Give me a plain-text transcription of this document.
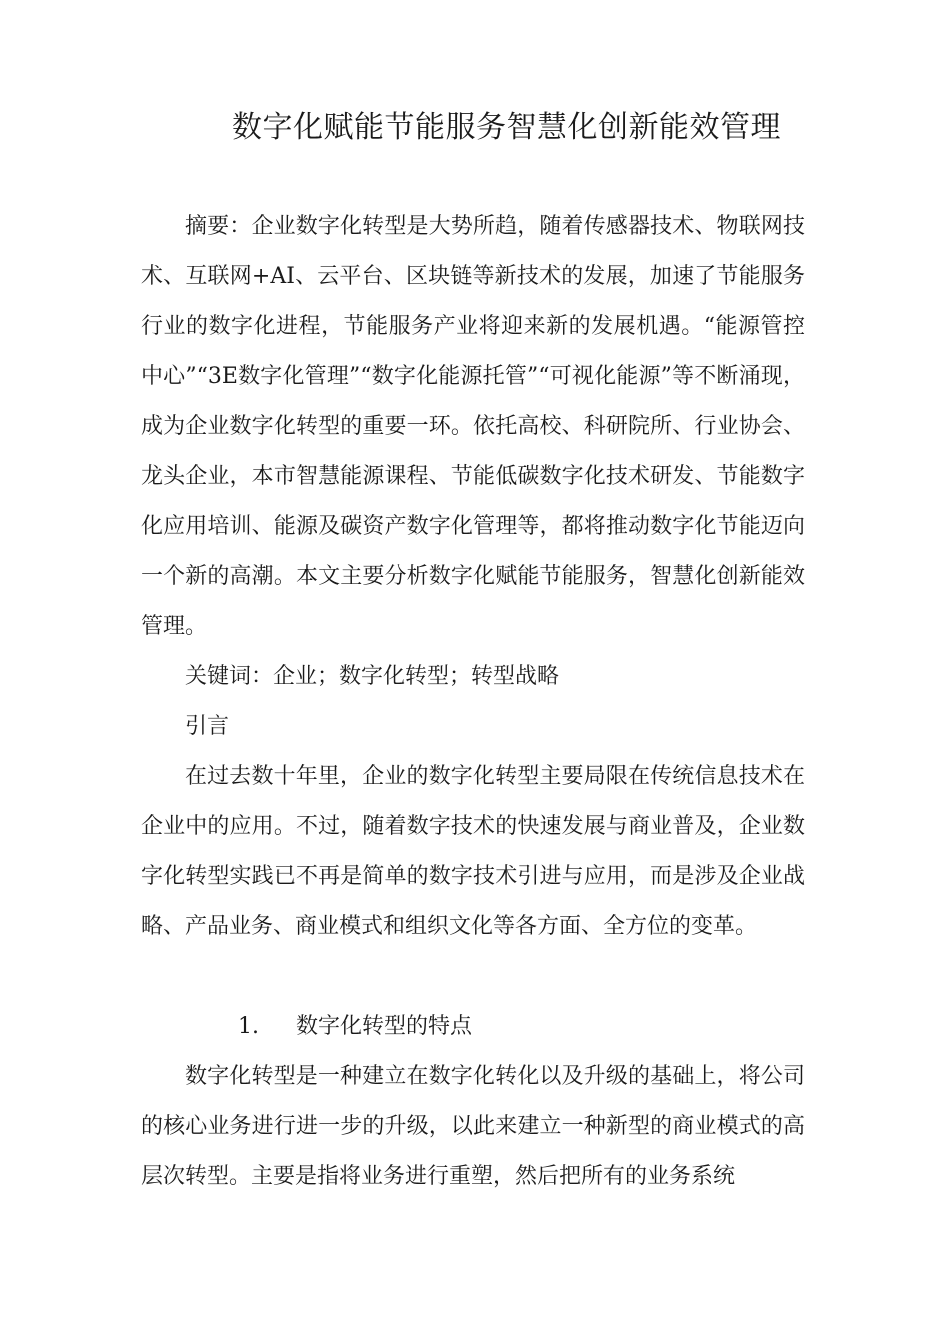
数字化赋能节能服务智慧化创新能效管理

摘要：企业数字化转型是大势所趋，随着传感器技术、物联网技术、互联网+AI、云平台、区块链等新技术的发展，加速了节能服务行业的数字化进程，节能服务产业将迎来新的发展机遇。“能源管控中心”“3E数字化管理”“数字化能源托管”“可视化能源”等不断涌现，成为企业数字化转型的重要一环。依托高校、科研院所、行业协会、龙头企业，本市智慧能源课程、节能低碳数字化技术研发、节能数字化应用培训、能源及碳资产数字化管理等，都将推动数字化节能迈向一个新的高潮。本文主要分析数字化赋能节能服务，智慧化创新能效管理。

关键词：企业；数字化转型；转型战略

引言

在过去数十年里，企业的数字化转型主要局限在传统信息技术在企业中的应用。不过，随着数字技术的快速发展与商业普及，企业数字化转型实践已不再是简单的数字技术引进与应用，而是涉及企业战略、产品业务、商业模式和组织文化等各方面、全方位的变革。

1. 数字化转型的特点

数字化转型是一种建立在数字化转化以及升级的基础上，将公司的核心业务进行进一步的升级，以此来建立一种新型的商业模式的高层次转型。主要是指将业务进行重塑，然后把所有的业务系统
